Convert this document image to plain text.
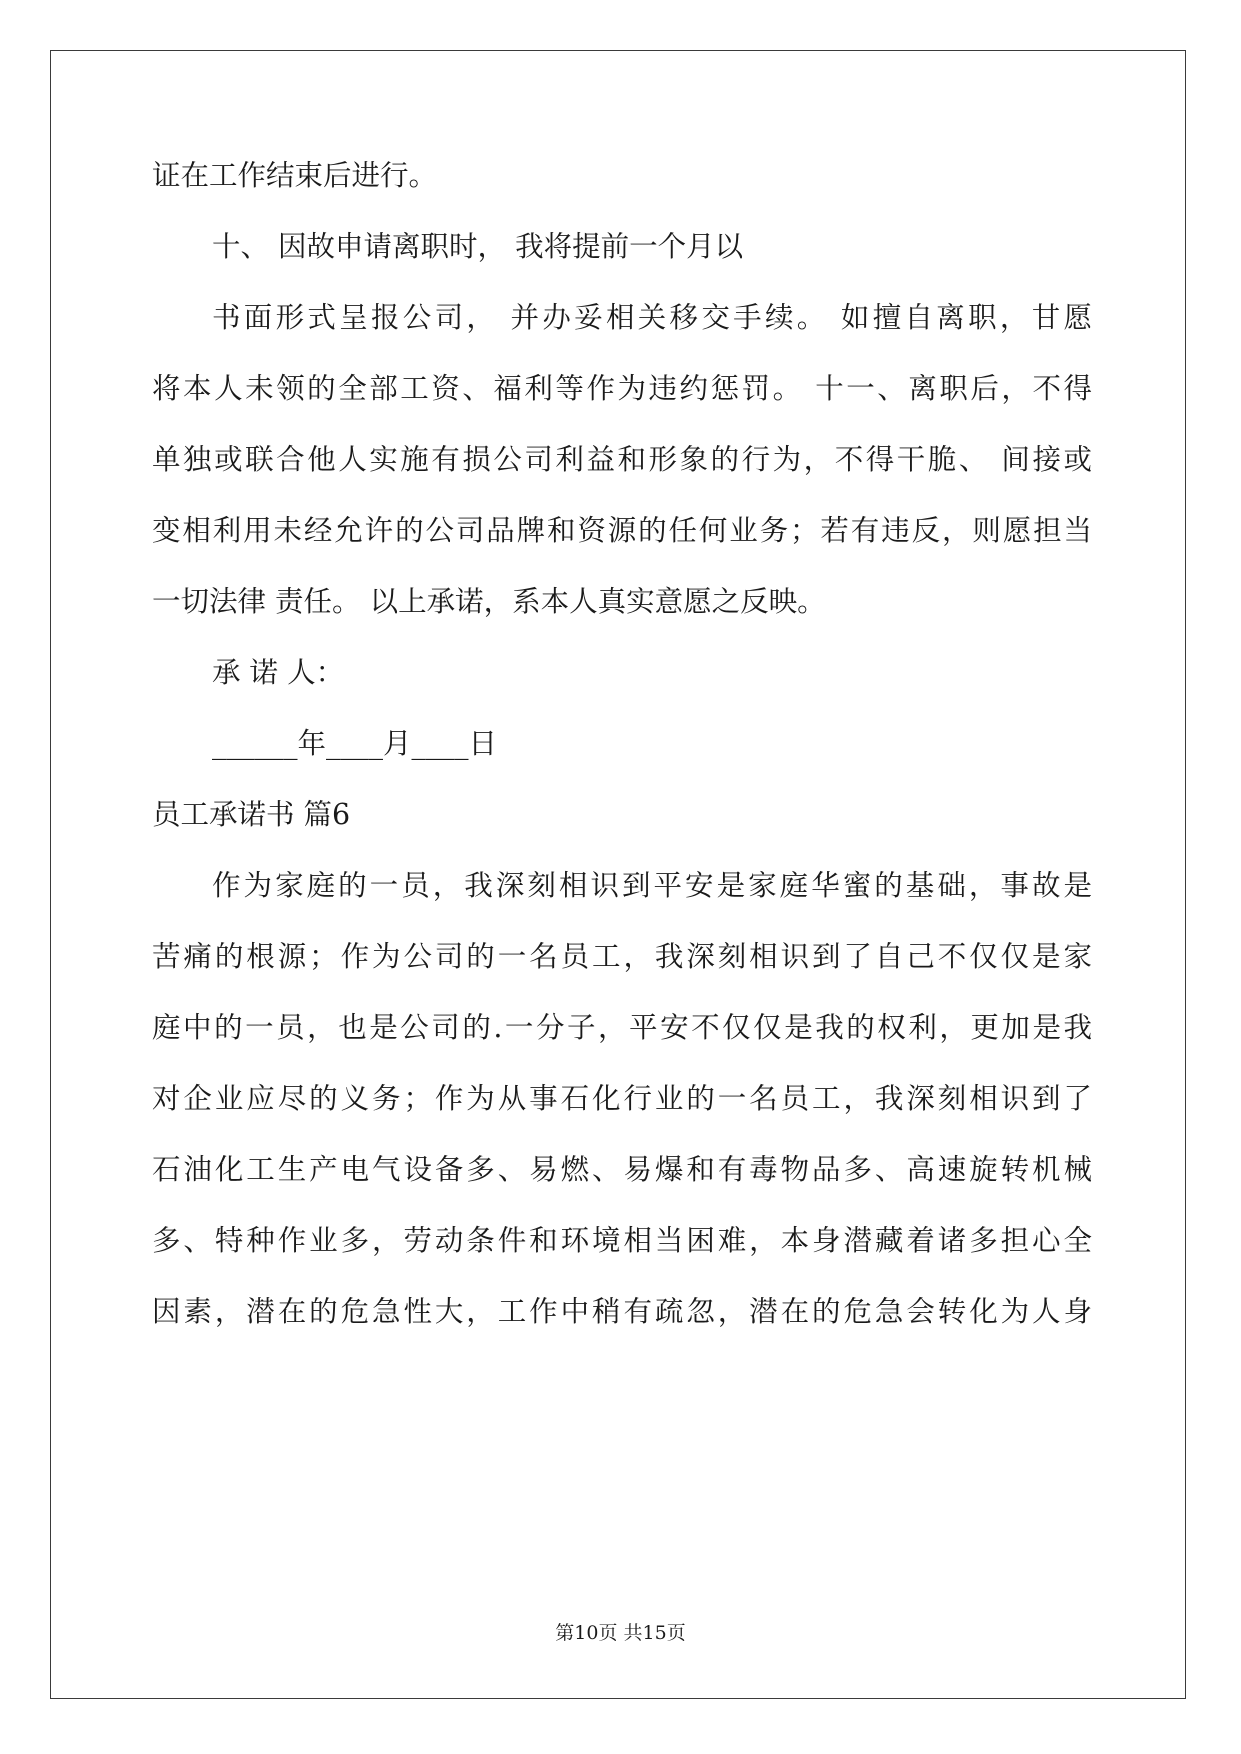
证在工作结束后进行。

十、 因故申请离职时， 我将提前一个月以

书面形式呈报公司， 并办妥相关移交手续。 如擅自离职，甘愿

将本人未领的全部工资、福利等作为违约惩罚。 十一、离职后，不得

单独或联合他人实施有损公司利益和形象的行为，不得干脆、 间接或

变相利用未经允许的公司品牌和资源的任何业务；若有违反，则愿担当

一切法律 责任。 以上承诺，系本人真实意愿之反映。

承 诺 人：

______年____月____日

员工承诺书 篇6

作为家庭的一员，我深刻相识到平安是家庭华蜜的基础，事故是

苦痛的根源；作为公司的一名员工，我深刻相识到了自己不仅仅是家

庭中的一员，也是公司的.一分子，平安不仅仅是我的权利，更加是我

对企业应尽的义务；作为从事石化行业的一名员工，我深刻相识到了

石油化工生产电气设备多、易燃、易爆和有毒物品多、高速旋转机械

多、特种作业多，劳动条件和环境相当困难，本身潜藏着诸多担心全

因素，潜在的危急性大，工作中稍有疏忽，潜在的危急会转化为人身

第10页 共15页
